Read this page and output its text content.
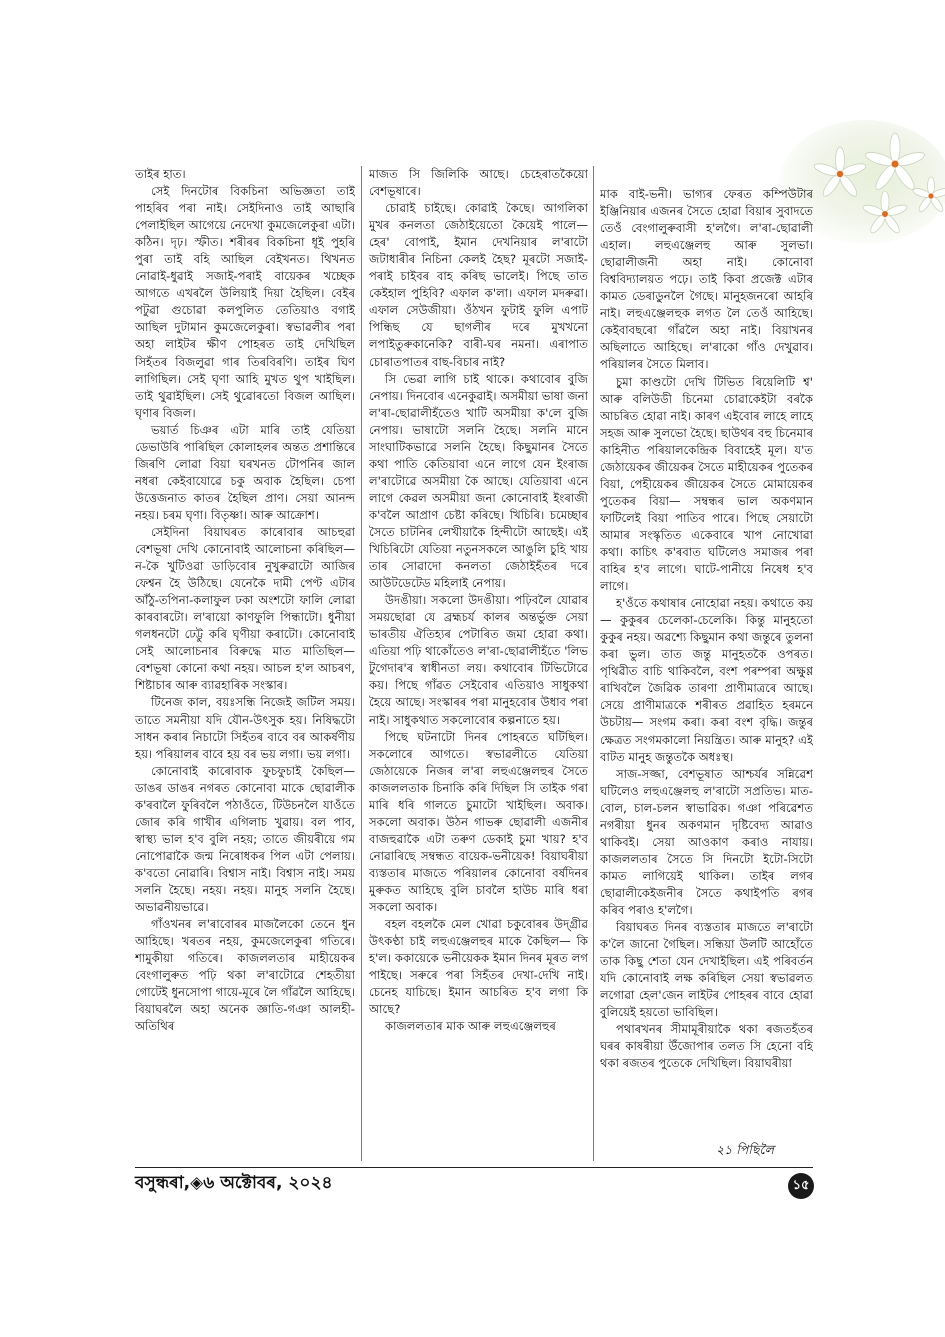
তাইৰ হাত।

সেই দিনটোৰ বিকচিনা অভিজ্ঞতা তাই পাহৰিব পৰা নাই। সেইদিনাও তাই আছাৰি পেলাইছিল আগেয়ে নেদেখা কুমজেলেকুৰা এটা। কঠিন। দৃঢ়। স্ফীত। শৰীৰৰ বিকচিনা ধূই পুহৰি পুৰা তাই বহি আছিল বেইখনত। থিখনত নোৱাই-ধুৱাই সজাই-পৰাই বায়েকৰ খচ্ছেক আগতে এখৰলৈ উলিয়াই দিয়া হৈছিল। বেইৰ পটুৱা গুচোৱা কলপুলিত তেতিয়াও বগাই আছিল দুটামান কুমজেলেকুৰা। স্বভাৱলীৰ পৰা অহা লাইটৰ ক্ষীণ পোহৰত তাই দেখিছিল সিহঁতৰ বিজলুৱা গাৰ তিৰবিৰণি। তাইৰ ঘিণ লাগিছিল। সেই ঘৃণা আহি মুখত থুপ খাইছিল। তাই থুৱাইছিল। সেই থুৱোৰতো বিজল আছিল। ঘৃণাৰ বিজল।

ভয়ার্ত চিঞৰ এটা মাৰি তাই যেতিয়া ডেভাউৰি পাৰিছিল কোলাহলৰ অন্তত প্ৰশান্তিৰে জিৰণি লোৱা বিয়া ঘৰখনত টোপনিৰ জাল নধৰা কেইবাযোৱে চকু অবাক হৈছিল। চেপা উত্তেজনাত কাতৰ হৈছিল প্ৰাণ। সেয়া আনন্দ নহয়। চৰম ঘৃণা। বিতৃষ্ণা। আৰু আক্ৰোশ।

সেইদিনা বিয়াঘৰত কাৰোবাৰ আচহুৱা বেশভূষা দেখি কোনোবাই আলোচনা কৰিছিল— ন-কৈ খুটিওৱা ডাড়িবোৰ নুখুৰুৱাটো আজিৰ ফেশ্বন হৈ উঠিছে। যেনেকৈ দামী পেণ্ট এটাৰ আঁঠু-তপিনা-কলাফুল ঢকা অংশটো ফালি লোৱা কাৰবাৰটো। ল'ৰায়ো কাণফুলি পিন্ধাটো। ধুনীয়া গলধনটো ঢেট্টু কৰি ঘৃণীয়া কৰাটো। কোনোবাই সেই আলোচনাৰ বিৰুদ্ধে মাত মাতিছিল— বেশভূষা কোনো কথা নহয়। আচল হ'ল আচৰণ, শিষ্টাচাৰ আৰু ব্যাৱহাৰিক সংস্কাৰ।

টিনেজ কাল, বয়ঃসন্ধি নিজেই জটিল সময়। তাতে সমনীয়া যদি যৌন-উৎসুক হয়। নিষিদ্ধটো সাধন কৰাৰ নিচাটো সিহঁতৰ বাবে বৰ আকৰ্ষণীয় হয়। পৰিয়ালৰ বাবে হয় বৰ ভয় লগা। ভয় লগা।

কোনোবাই কাৰোবাক ফুচফুচাই কৈছিল— ডাঙৰ ডাঙৰ নগৰত কোনোবা মাকে ছোৱালীক ক'ৰবালৈ ফুৰিবলৈ পঠাওঁতে, টিউচনলৈ যাওঁতে জোৰ কৰি গাখীৰ এগিলাচ খুৱায়। বল পাব, স্বাস্থ্য ভাল হ'ব বুলি নহয়; তাতে জীয়ৰীয়ে গম নোপোৱাকৈ জন্ম নিৰোধকৰ পিল এটা পেলায়। ক'বতো নোৱাৰি। বিশ্বাস নাই। বিশ্বাস নাই। সময় সলনি হৈছে। নহয়। নহয়। মানুহ সলনি হৈছে। অভাৱনীয়ভাৱে।

গাঁওখনৰ ল'ৰাবোৰৰ মাজলৈকো তেনে ধুন আহিছে। খৰতৰ নহয়, কুমজেলেকুৰা গতিৰে। শামুকীয়া গতিৰে। কাজললতাৰ মাহীয়েকৰ বেংগালুৰুত পঢ়ি থকা ল'ৰাটোৱে শেহতীয়া গোটেই ধুনসোপা গায়ে-মূৰে লৈ গাঁৱলৈ আহিছে। বিয়াঘৰলৈ অহা অনেক জ্ঞাতি-গঞা আলহী-অতিথিৰ

মাজত সি জিলিকি আছে। চেহেৰাতকৈয়ো বেশভূষাৰে।

চোৱাই চাইছে। কোৱাই কৈছে। আগলিকা মুখৰ কনলতা জেঠাইয়েতো কৈয়েই পালে— হেৰ' বোপাই, ইমান দেখনিয়াৰ ল'ৰাটো জটাধাৰীৰ নিচিনা কেলই হৈছ? মূৰটো সজাই-পৰাই চাইবৰ বাহ কৰিছ ভালেই। পিছে তাত কেইহাল পুহিবি? এফাল ক'লা। এফাল মদৰুৱা। এফাল সেউজীয়া। ওঁঠখন ফুটাই ফুলি এপাট পিন্ধিছ যে ছাগলীৰ দৰে মুখখনো লপাইতুৰুকানেকি? বাৰী-ঘৰ নমনা। এৰাপাত চোৰাতপাতৰ বাছ-বিচাৰ নাই?

সি ভেৱা লাগি চাই থাকে। কথাবোৰ বুজি নেপায়। দিনবোৰ এনেকুৱাই। অসমীয়া ভাষা জনা ল'ৰা-ছোৱালীহঁতেও খাটি অসমীয়া ক'লে বুজি নেপায়। ভাষাটো সলনি হৈছে। সলনি মানে সাংঘাটিকভাৱে সলনি হৈছে। কিছুমানৰ সৈতে কথা পাতি কেতিয়াবা এনে লাগে যেন ইংৰাজ ল'ৰাটোৱে অসমীয়া কৈ আছে। যেতিয়াবা এনে লাগে কেৱল অসমীয়া জনা কোনোবাই ইংৰাজী ক'বলৈ আপ্ৰাণ চেষ্টা কৰিছে। খিচিৰি। চমেচ্ছাৰ সৈতে চাটনিৰ লেখীয়াকৈ হিন্দীটো আছেই। এই খিচিৰিটো যেতিয়া নতুনসকলে আঙুলি চুহি খায় তাৰ সোৱাদো কনলতা জেঠাইহঁতৰ দৰে আউটডেটেড মহিলাই নেপায়।

উদঙীয়া। সকলো উদঙীয়া। পঢ়িবলৈ যোৱাৰ সময়ছোৱা যে ব্ৰহ্মচৰ্য কালৰ অন্তৰ্ভুক্ত সেয়া ভাৰতীয় ঐতিহ্যৰ পেটাৰিত জমা হোৱা কথা। এতিয়া পঢ়ি থাকোঁতেও ল'ৰা-ছোৱালীহঁতে 'লিভ টুগেদাৰ'ৰ স্বাধীনতা লয়। কথাবোৰ টিভিটোৱে কয়। পিছে গাঁৱত সেইবোৰ এতিয়াও সাধুকথা হৈয়ে আছে। সংস্কাৰৰ পৰা মানুহবোৰ উধাব পৰা নাই। সাধুকথাত সকলোবোৰ কল্পনাতে হয়।

পিছে ঘটনাটো দিনৰ পোহৰতে ঘটিছিল। সকলোৰে আগতে। স্বভাৱলীতে যেতিয়া জেঠায়েকে নিজৰ ল'ৰা লহুএঞ্জেলহুৰ সৈতে কাজললতাক চিনাকি কৰি দিছিল সি তাইক গৰা মাৰি ধৰি গালতে চুমাটো খাইছিল। অবাক। সকলো অবাক। উঠন গাভৰু ছোৱালী এজনীৰ বাজহুৱাকৈ এটা তৰুণ ডেকাই চুমা খায়? হ'ব নোৱাৰিছে সম্বন্ধত বায়েক-ভনীয়েক! বিয়াঘৰীয়া ব্যস্ততাৰ মাজতে পৰিয়ালৰ কোনোবা বৰ্ষদিনৰ মুৰুকত আহিছে বুলি চাবলৈ হাউচ মাৰি ধৰা সকলো অবাক।

বহল বহলকৈ মেল খোৱা চকুবোৰৰ উদ্‌গ্ৰীৱ উৎকণ্ঠা চাই লহুএঞ্জেলহুৰ মাকে কৈছিল— কি হ'ল। ককায়েকে ভনীয়েকক ইমান দিনৰ মূৰত লগ পাইছে। সৰুৰে পৰা সিহঁতৰ দেখা-দেখি নাই। চেনেহ যাচিছে। ইমান আচৰিত হ'ব লগা কি আছে?

কাজললতাৰ মাক আৰু লহুএঞ্জেলহুৰ

মাক বাই-ভনী। ভাগ্যৰ ফেৰত কম্পিউটাৰ ইঞ্জিনিয়াৰ এজনৰ সৈতে হোৱা বিয়াৰ সুবাদতে তেওঁ বেংগালুৰুবাসী হ'লগৈ। ল'ৰা-ছোৱালী এহাল। লহুএঞ্জেলহু আৰু সুলভা। ছোৱালীজনী অহা নাই। কোনোবা বিশ্ববিদ্যালয়ত পঢ়ে। তাই কিবা প্ৰজেক্ট এটাৰ কামত ডেৰাডুনলৈ গৈছে। মানুহজনৰো আহৰি নাই। লহুএঞ্জেলহুক লগত লৈ তেওঁ আহিছে। কেইবাবছৰো গাঁৱলৈ অহা নাই। বিয়াখনৰ অছিলাতে আহিছে। ল'ৰাকো গাঁও দেখুৱাব। পৰিয়ালৰ সৈতে মিলাব।

চুমা কাণ্ডটো দেখি টিভিত ৰিয়েলিটি শ্ব' আৰু বলিউডী চিনেমা চোৱাকেইটা বৰকৈ আচৰিত হোৱা নাই। কাৰণ এইবোৰ লাহে লাহে সহজ আৰু সুলভো হৈছে। ছাউথৰ বহু চিনেমাৰ কাহিনীত পৰিয়ালকেন্দ্ৰিক বিবাহেই মূল। য'ত জেঠায়েকৰ জীয়েকৰ সৈতে মাহীয়েকৰ পুতেকৰ বিয়া, পেহীয়েকৰ জীয়েকৰ সৈতে মোমায়েকৰ পুতেকৰ বিয়া— সম্বন্ধৰ ভাল অকণমান ফাটিলেই বিয়া পাতিব পাৰে। পিছে সেয়াটো আমাৰ সংস্কৃতিত একেবাৰে খাপ নোখোৱা কথা। কাচিৎ ক'ৰবাত ঘটিলেও সমাজৰ পৰা বাহিৰ হ'ব লাগে। ঘাটে-পানীয়ে নিষেধ হ'ব লাগে।

হ'ওঁতে কথাষাৰ নোহোৱা নহয়। কথাতে কয়— কুকুৰৰ চেলেকা-চেলেকি। কিন্তু মানুহতো কুকুৰ নহয়। অৱশ্যে কিছুমান কথা জন্তুৰে তুলনা কৰা ভুল। তাত জন্তু মানুহতকৈ ওপৰত। পৃথিৱীত বাচি থাকিবলৈ, বংশ পৰম্পৰা অক্ষুণ্ণ ৰাখিবলৈ জৈৱিক তাৰণা প্ৰাণীমাত্ৰৰে আছে। সেয়ে প্ৰাণীমাত্ৰকে শৰীৰত প্ৰৱাহিত হৰমনে উচটায়— সংগম কৰা। কৰা বংশ বৃদ্ধি। জন্তুৰ ক্ষেত্ৰত সংগমকালো নিয়ন্ত্ৰিত। আৰু মানুহ? এই বাটত মানুহ জন্তুতকৈ অধঃস্থ।

সাজ-সজ্জা, বেশভূষাত আশ্চৰ্যৰ সন্নিৱেশ ঘটিলেও লহুএঞ্জেলহু ল'ৰাটো সপ্ৰতিভ। মাত-বোল, চাল-চলন স্বাভাৱিক। গঞা পৰিৱেশত নগৰীয়া ধুনৰ অকণমান দৃষ্টিবেদ্য আৱাও থাকিবই। সেয়া আওকাণ কৰাও নাযায়। কাজললতাৰ সৈতে সি দিনটো ইটো-সিটো কামত লাগিয়েই থাকিল। তাইৰ লগৰ ছোৱালীকেইজনীৰ সৈতে কথাইপতি ৰগৰ কৰিব পৰাও হ'লগৈ।

বিয়াঘৰত দিনৰ ব্যস্ততাৰ মাজতে ল'ৰাটো ক'লৈ জানো গৈছিল। সন্ধিয়া উলটি আহোঁতে তাক কিছু শেতা যেন দেখাইছিল। এই পৰিবৰ্তন যদি কোনোবাই লক্ষ কৰিছিল সেয়া স্বভাৱলত লগোৱা হেল'জেন লাইটৰ পোহৰৰ বাবে হোৱা বুলিয়েই হয়তো ভাবিছিল।

পথাৰখনৰ সীমামূৰীয়াকৈ থকা ৰজতহঁতৰ ঘৰৰ কাষৰীয়া উঁজোপাৰ তলত সি হেনো বহি থকা ৰজতৰ পুতেকে দেখিছিল। বিয়াঘৰীয়া

২১ পিছিলৈ
বসুন্ধৰা,◈৬ অক্টোবৰ, ২০২৪	১৫
